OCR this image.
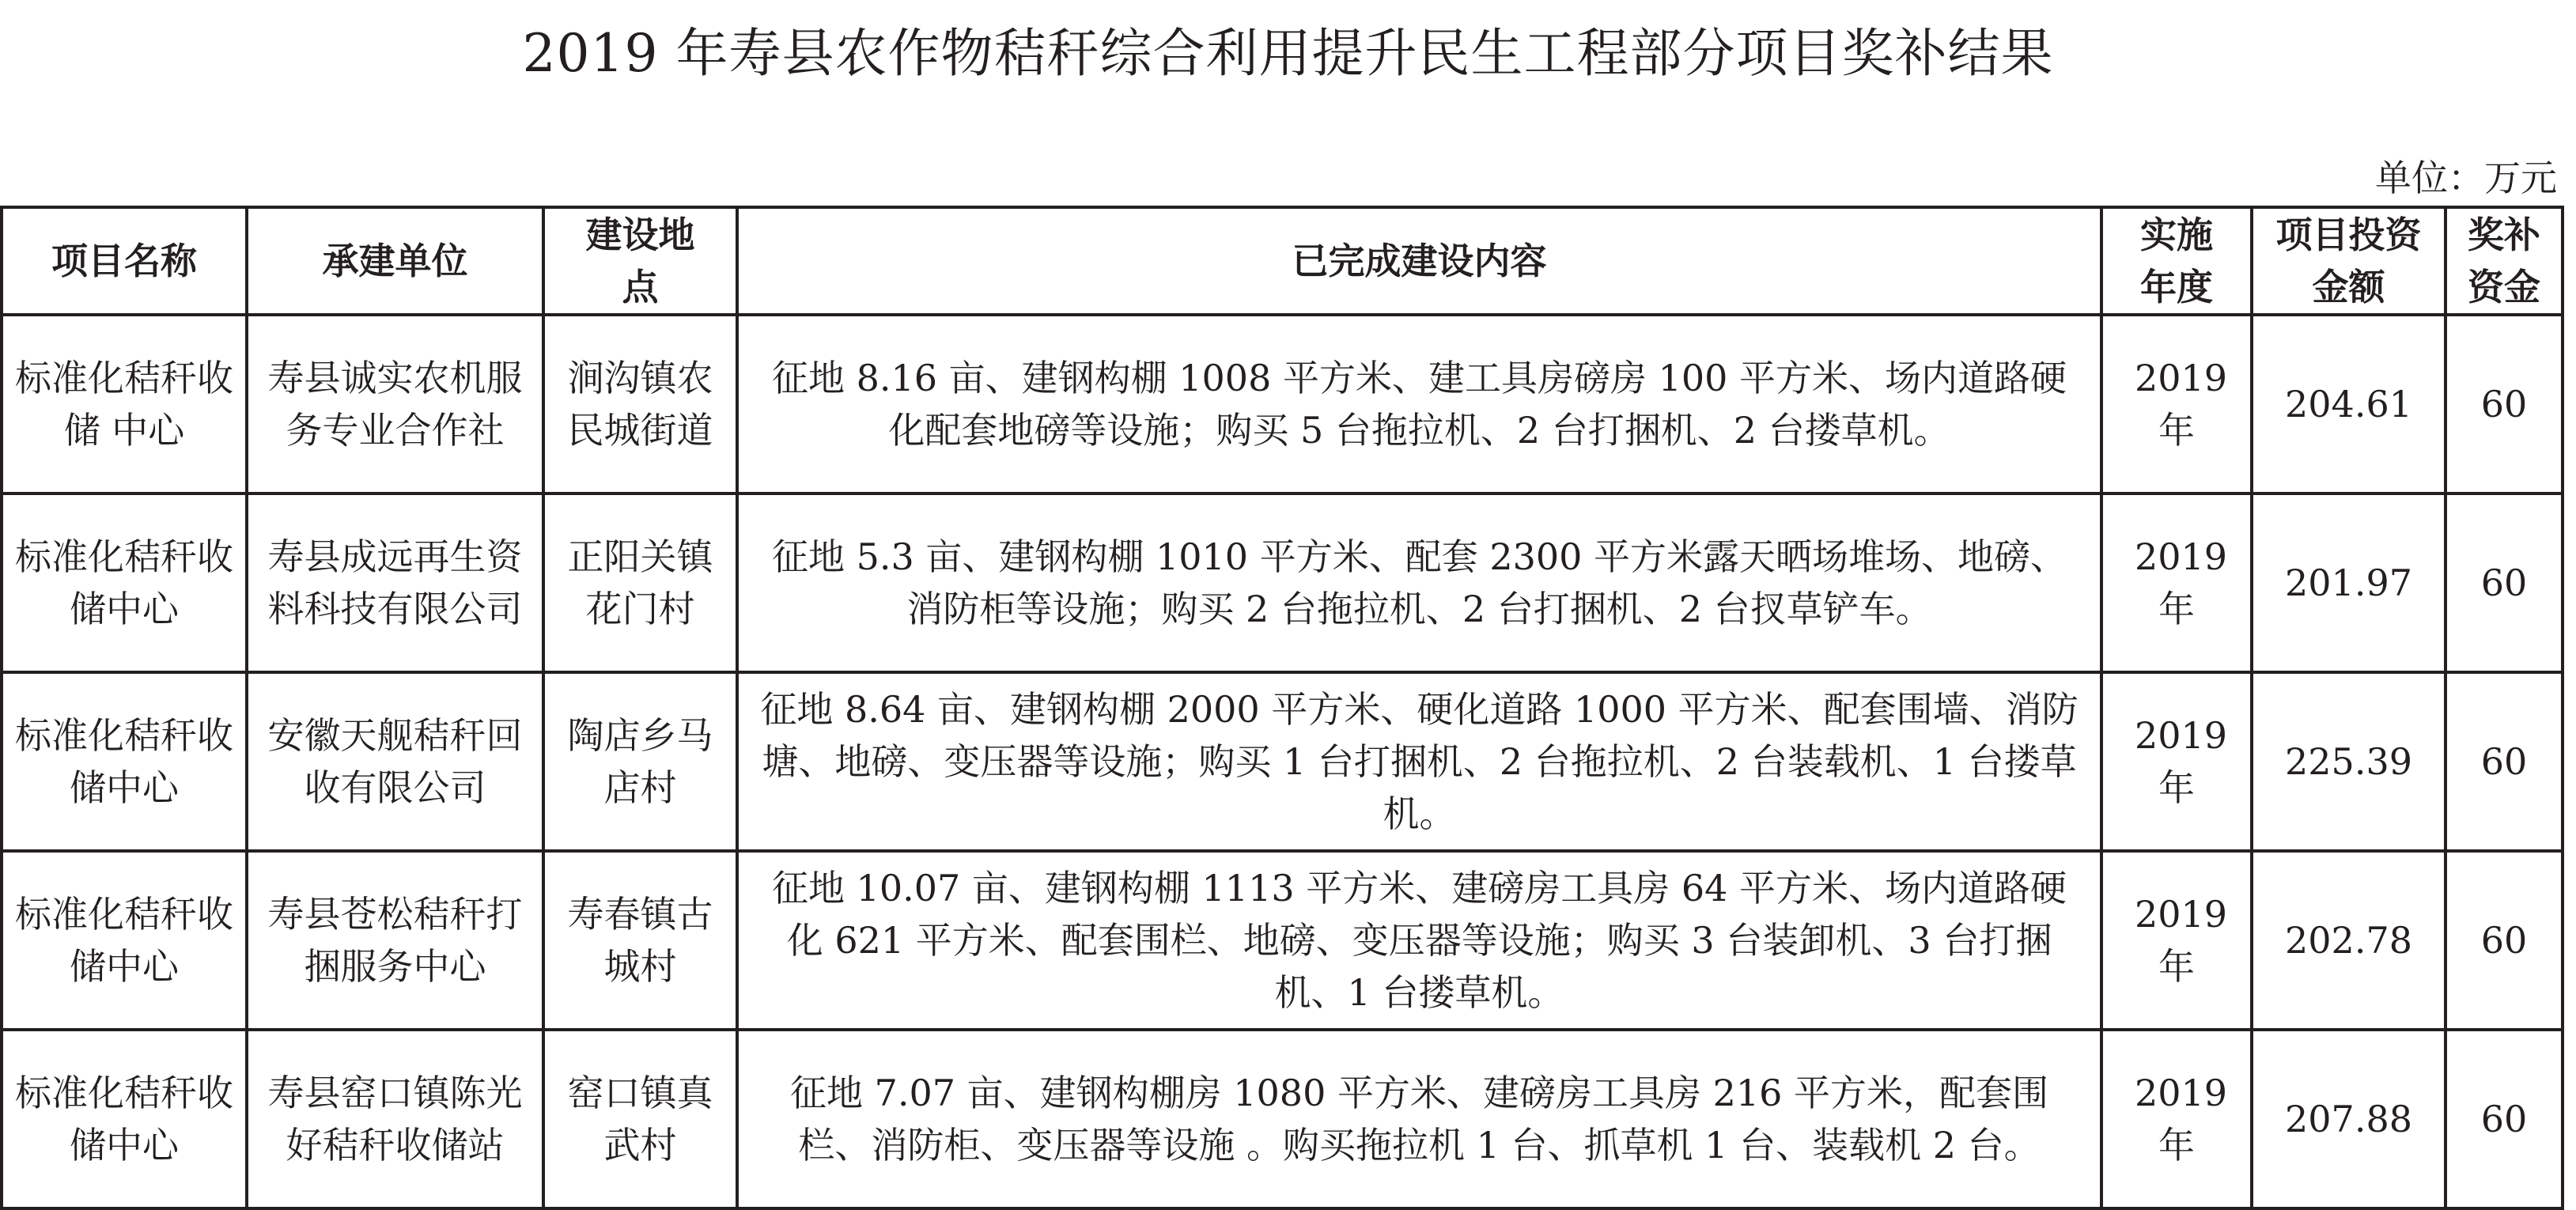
2019 年寿县农作物秸秆综合利用提升民生工程部分项目奖补结果
单位：万元
项目名称	承建单位	建设地点	已完成建设内容	实施年度	项目投资金额	奖补资金
标准化秸秆收储 中心	寿县诚实农机服务专业合作社	涧沟镇农民城街道	征地 8.16 亩、建钢构棚 1008 平方米、建工具房磅房 100 平方米、场内道路硬化配套地磅等设施；购买 5 台拖拉机、2 台打捆机、2 台搂草机。	2019 年	204.61	60
标准化秸秆收储中心	寿县成远再生资料科技有限公司	正阳关镇花门村	征地 5.3 亩、建钢构棚 1010 平方米、配套 2300 平方米露天晒场堆场、地磅、消防柜等设施；购买 2 台拖拉机、2 台打捆机、2 台扠草铲车。	2019 年	201.97	60
标准化秸秆收储中心	安徽天舰秸秆回收有限公司	陶店乡马店村	征地 8.64 亩、建钢构棚 2000 平方米、硬化道路 1000 平方米、配套围墙、消防塘、地磅、变压器等设施；购买 1 台打捆机、2 台拖拉机、2 台装载机、1 台搂草机。	2019 年	225.39	60
标准化秸秆收储中心	寿县苍松秸秆打捆服务中心	寿春镇古城村	征地 10.07 亩、建钢构棚 1113 平方米、建磅房工具房 64 平方米、场内道路硬化 621 平方米、配套围栏、地磅、变压器等设施；购买 3 台装卸机、3 台打捆机、1 台搂草机。	2019 年	202.78	60
标准化秸秆收储中心	寿县窑口镇陈光好秸秆收储站	窑口镇真武村	征地 7.07 亩、建钢构棚房 1080 平方米、建磅房工具房 216 平方米，配套围栏、消防柜、变压器等设施 。购买拖拉机 1 台、抓草机 1 台、装载机 2 台。	2019 年	207.88	60
